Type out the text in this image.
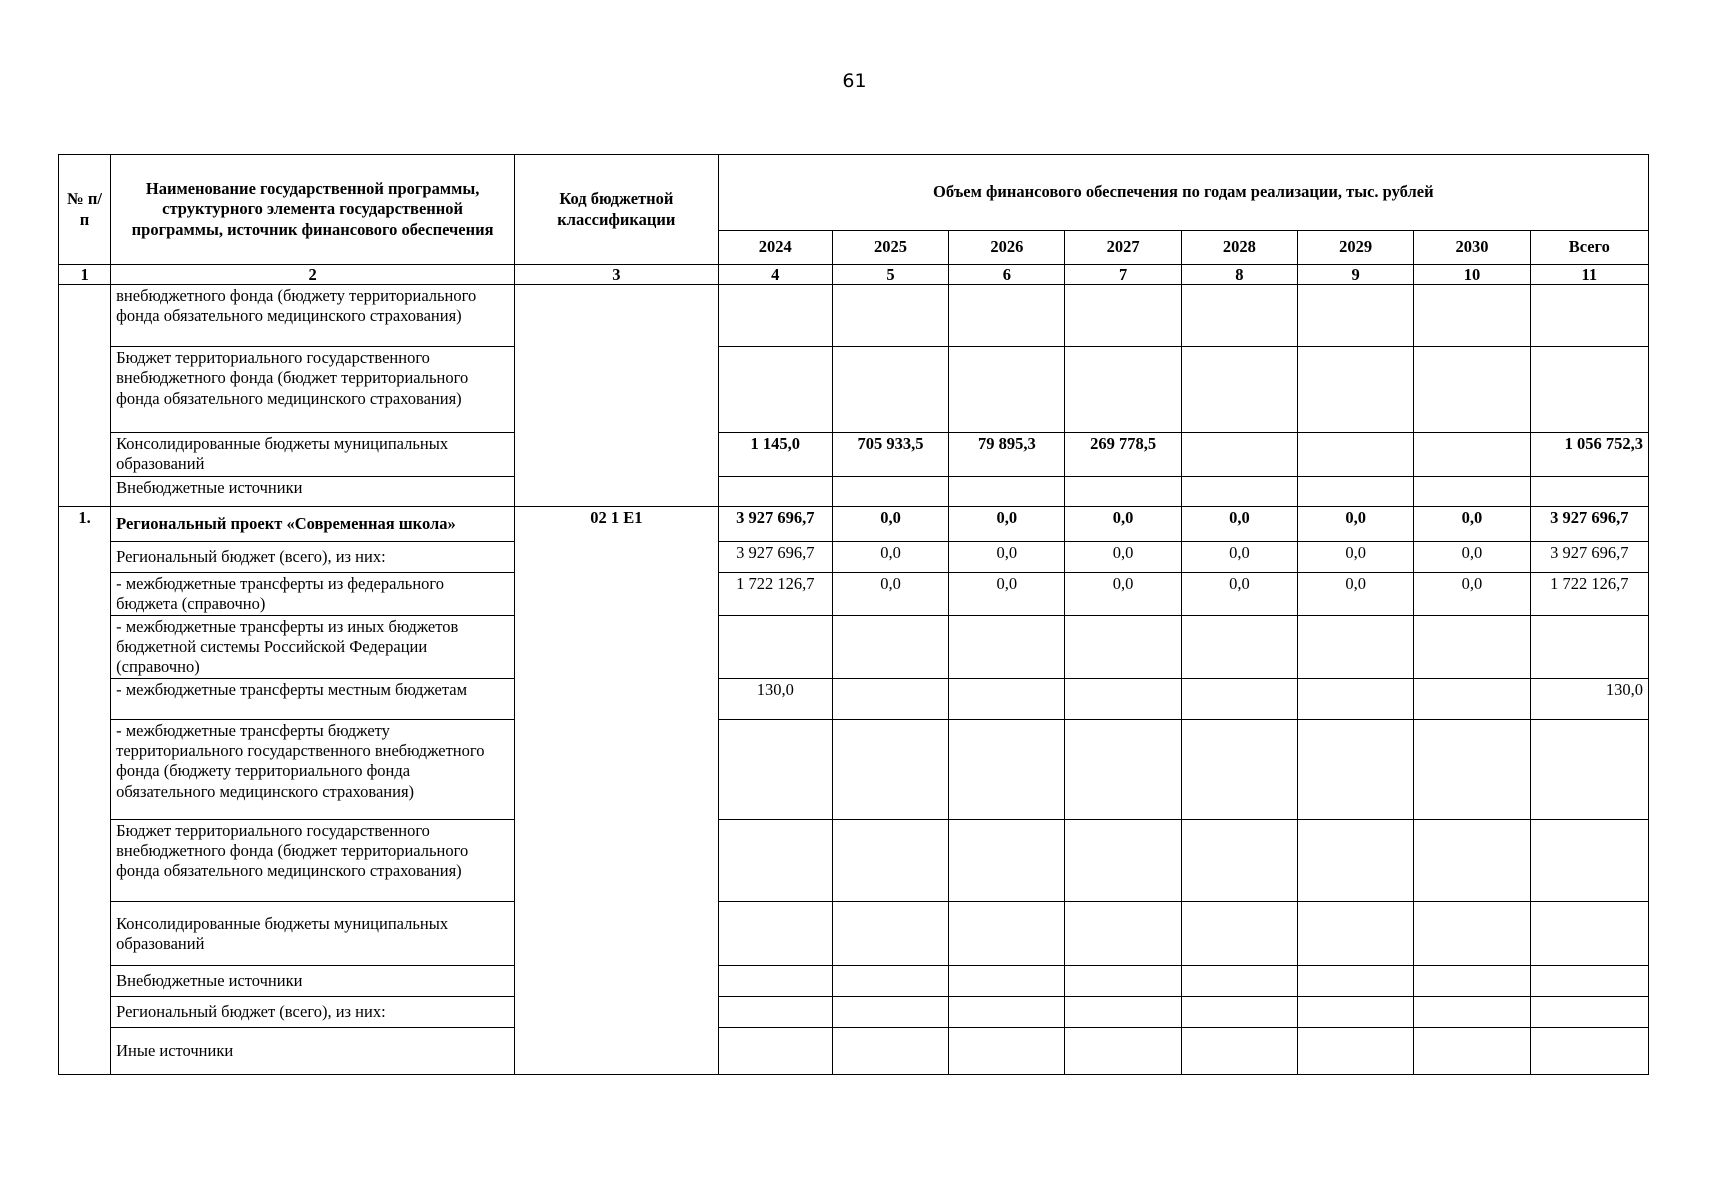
61
№ п/п	Наименование государственной программы, структурного элемента государственной программы, источник финансового обеспечения	Код бюджетной классификации	Объем финансового обеспечения по годам реализации, тыс. рублей							
			2024	2025	2026	2027	2028	2029	2030	Всего
1	2	3	4	5	6	7	8	9	10	11
	внебюджетного фонда (бюджету территориального фонда обязательного медицинского страхования)									
	Бюджет территориального государственного внебюджетного фонда (бюджет территориального фонда обязательного медицинского страхования)									
	Консолидированные бюджеты муниципальных образований		1 145,0	705 933,5	79 895,3	269 778,5				1 056 752,3
	Внебюджетные источники									
1.	Региональный проект «Современная школа»	02 1 E1	3 927 696,7	0,0	0,0	0,0	0,0	0,0	0,0	3 927 696,7
	Региональный бюджет (всего), из них:		3 927 696,7	0,0	0,0	0,0	0,0	0,0	0,0	3 927 696,7
	- межбюджетные трансферты из федерального бюджета (справочно)		1 722 126,7	0,0	0,0	0,0	0,0	0,0	0,0	1 722 126,7
	- межбюджетные трансферты из иных бюджетов бюджетной системы Российской Федерации (справочно)									
	- межбюджетные трансферты местным бюджетам		130,0							130,0
	- межбюджетные трансферты бюджету территориального государственного внебюджетного фонда (бюджету территориального фонда обязательного медицинского страхования)									
	Бюджет территориального государственного внебюджетного фонда (бюджет территориального фонда обязательного медицинского страхования)									
	Консолидированные бюджеты муниципальных образований									
	Внебюджетные источники									
	Региональный бюджет (всего), из них:									
	Иные источники									
